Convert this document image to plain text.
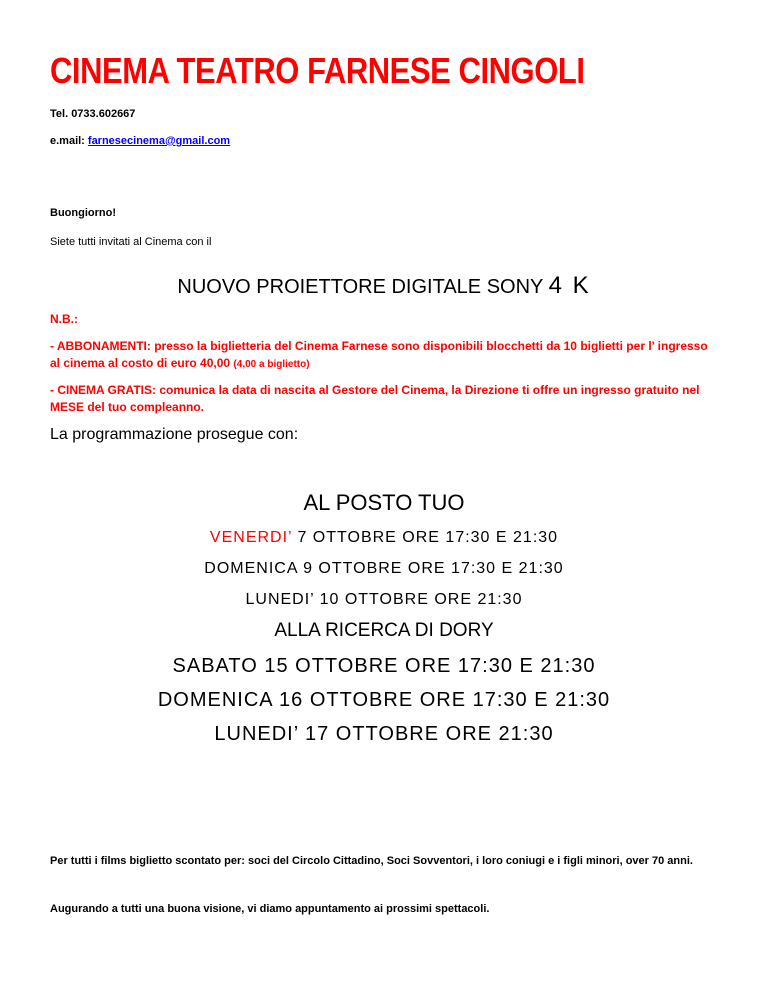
CINEMA TEATRO FARNESE CINGOLI
Tel. 0733.602667
e.mail: farnesecinema@gmail.com
Buongiorno!
Siete tutti invitati al Cinema con il
NUOVO PROIETTORE DIGITALE SONY 4 K
N.B.:
- ABBONAMENTI: presso la biglietteria del Cinema Farnese sono disponibili blocchetti da 10 biglietti per l’ ingresso al cinema al costo di euro 40,00 (4,00 a biglietto)
- CINEMA GRATIS: comunica la data di nascita al Gestore del Cinema, la Direzione ti offre un ingresso gratuito nel MESE del tuo compleanno.
La programmazione prosegue con:
AL POSTO TUO
VENERDI’ 7 OTTOBRE ORE 17:30 E 21:30
DOMENICA 9 OTTOBRE ORE 17:30 E 21:30
LUNEDI’ 10 OTTOBRE ORE 21:30
ALLA RICERCA DI DORY
SABATO 15 OTTOBRE ORE 17:30 E 21:30
DOMENICA 16 OTTOBRE ORE 17:30 E 21:30
LUNEDI’ 17 OTTOBRE ORE 21:30
Per tutti i films biglietto scontato per: soci del Circolo Cittadino, Soci Sovventori, i loro coniugi e i figli minori, over 70 anni.
Augurando a tutti una buona visione, vi diamo appuntamento ai prossimi spettacoli.
